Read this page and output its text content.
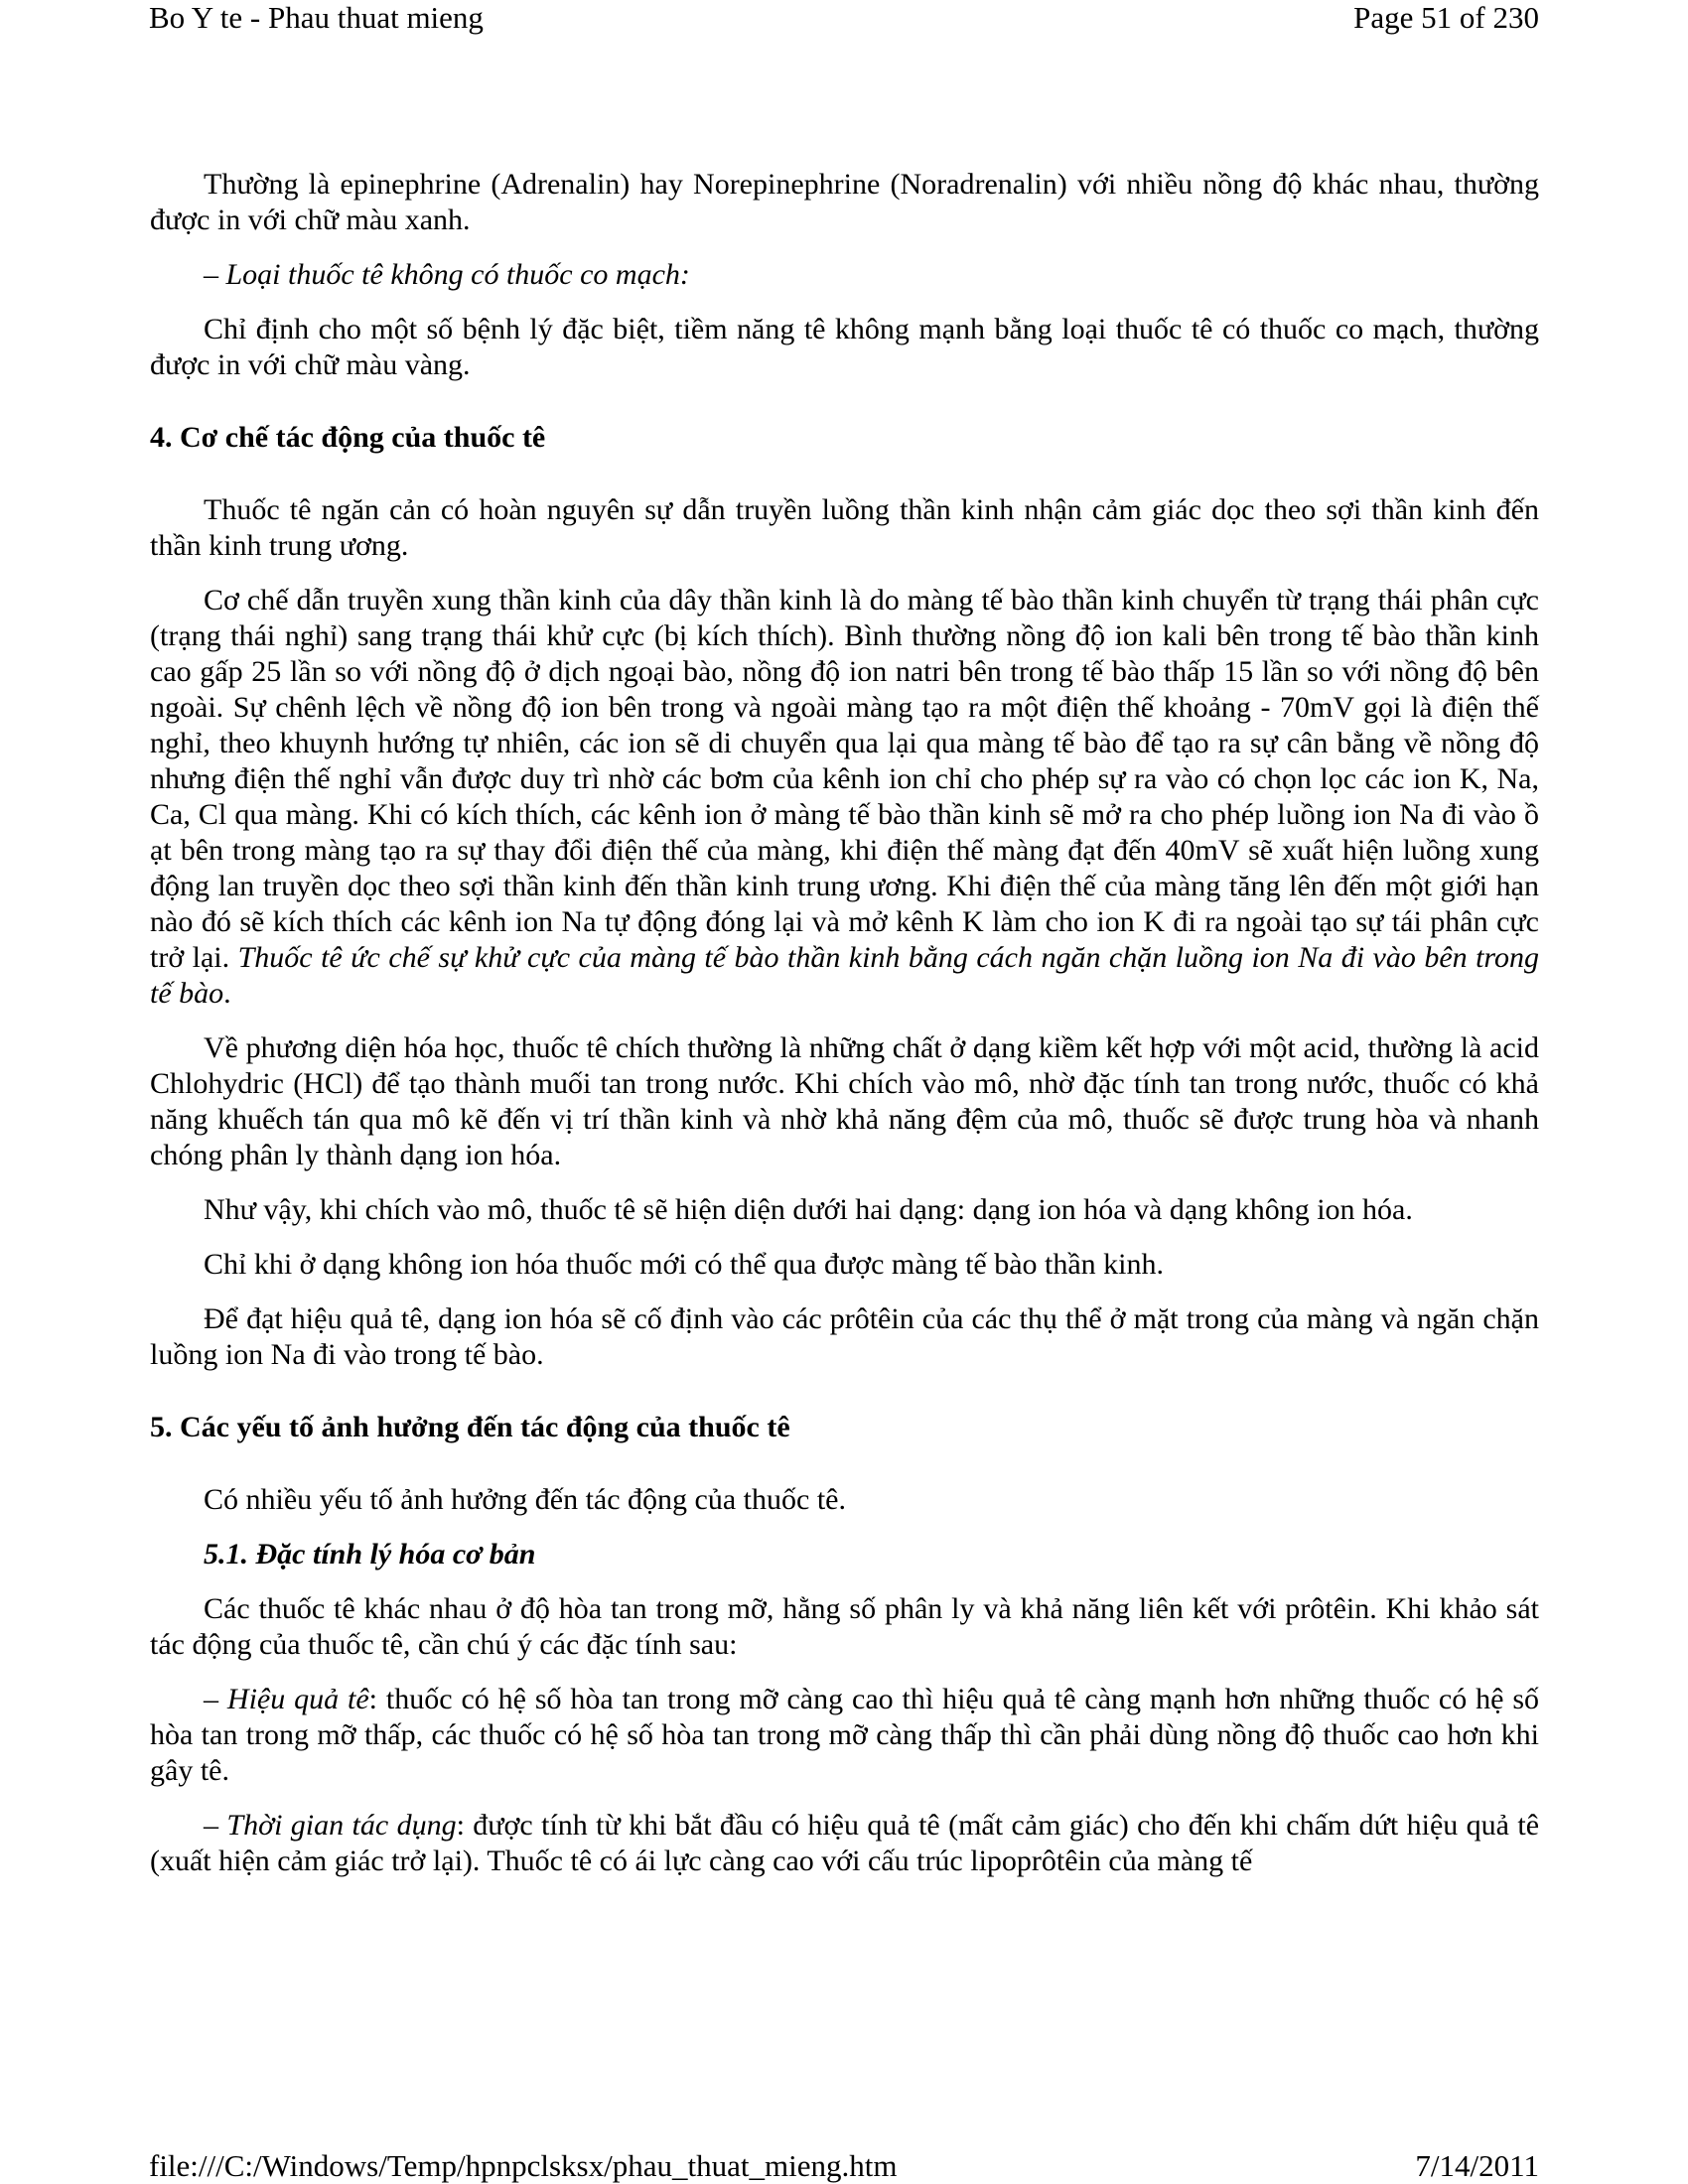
Bo Y te - Phau thuat mieng	Page 51 of 230

Thường là epinephrine (Adrenalin) hay Norepinephrine (Noradrenalin) với nhiều nồng độ khác nhau, thường được in với chữ màu xanh.

– Loại thuốc tê không có thuốc co mạch:

Chỉ định cho một số bệnh lý đặc biệt, tiềm năng tê không mạnh bằng loại thuốc tê có thuốc co mạch, thường được in với chữ màu vàng.

4. Cơ chế tác động của thuốc tê

Thuốc tê ngăn cản có hoàn nguyên sự dẫn truyền luồng thần kinh nhận cảm giác dọc theo sợi thần kinh đến thần kinh trung ương.

Cơ chế dẫn truyền xung thần kinh của dây thần kinh là do màng tế bào thần kinh chuyển từ trạng thái phân cực (trạng thái nghỉ) sang trạng thái khử cực (bị kích thích). Bình thường nồng độ ion kali bên trong tế bào thần kinh cao gấp 25 lần so với nồng độ ở dịch ngoại bào, nồng độ ion natri bên trong tế bào thấp 15 lần so với nồng độ bên ngoài. Sự chênh lệch về nồng độ ion bên trong và ngoài màng tạo ra một điện thế khoảng - 70mV gọi là điện thế nghỉ, theo khuynh hướng tự nhiên, các ion sẽ di chuyển qua lại qua màng tế bào để tạo ra sự cân bằng về nồng độ nhưng điện thế nghỉ vẫn được duy trì nhờ các bơm của kênh ion chỉ cho phép sự ra vào có chọn lọc các ion K, Na, Ca, Cl qua màng. Khi có kích thích, các kênh ion ở màng tế bào thần kinh sẽ mở ra cho phép luồng ion Na đi vào ồ ạt bên trong màng tạo ra sự thay đổi điện thế của màng, khi điện thế màng đạt đến 40mV sẽ xuất hiện luồng xung động lan truyền dọc theo sợi thần kinh đến thần kinh trung ương. Khi điện thế của màng tăng lên đến một giới hạn nào đó sẽ kích thích các kênh ion Na tự động đóng lại và mở kênh K làm cho ion K đi ra ngoài tạo sự tái phân cực trở lại. Thuốc tê ức chế sự khử cực của màng tế bào thần kinh bằng cách ngăn chặn luồng ion Na đi vào bên trong tế bào.

Về phương diện hóa học, thuốc tê chích thường là những chất ở dạng kiềm kết hợp với một acid, thường là acid Chlohydric (HCl) để tạo thành muối tan trong nước. Khi chích vào mô, nhờ đặc tính tan trong nước, thuốc có khả năng khuếch tán qua mô kẽ đến vị trí thần kinh và nhờ khả năng đệm của mô, thuốc sẽ được trung hòa và nhanh chóng phân ly thành dạng ion hóa.

Như vậy, khi chích vào mô, thuốc tê sẽ hiện diện dưới hai dạng: dạng ion hóa và dạng không ion hóa.

Chỉ khi ở dạng không ion hóa thuốc mới có thể qua được màng tế bào thần kinh.

Để đạt hiệu quả tê, dạng ion hóa sẽ cố định vào các prôtêin của các thụ thể ở mặt trong của màng và ngăn chặn luồng ion Na đi vào trong tế bào.

5. Các yếu tố ảnh hưởng đến tác động của thuốc tê

Có nhiều yếu tố ảnh hưởng đến tác động của thuốc tê.

5.1. Đặc tính lý hóa cơ bản

Các thuốc tê khác nhau ở độ hòa tan trong mỡ, hằng số phân ly và khả năng liên kết với prôtêin. Khi khảo sát tác động của thuốc tê, cần chú ý các đặc tính sau:

– Hiệu quả tê: thuốc có hệ số hòa tan trong mỡ càng cao thì hiệu quả tê càng mạnh hơn những thuốc có hệ số hòa tan trong mỡ thấp, các thuốc có hệ số hòa tan trong mỡ càng thấp thì cần phải dùng nồng độ thuốc cao hơn khi gây tê.

– Thời gian tác dụng: được tính từ khi bắt đầu có hiệu quả tê (mất cảm giác) cho đến khi chấm dứt hiệu quả tê (xuất hiện cảm giác trở lại). Thuốc tê có ái lực càng cao với cấu trúc lipoprôtêin của màng tế

file:///C:/Windows/Temp/hpnpclsksx/phau_thuat_mieng.htm	7/14/2011
